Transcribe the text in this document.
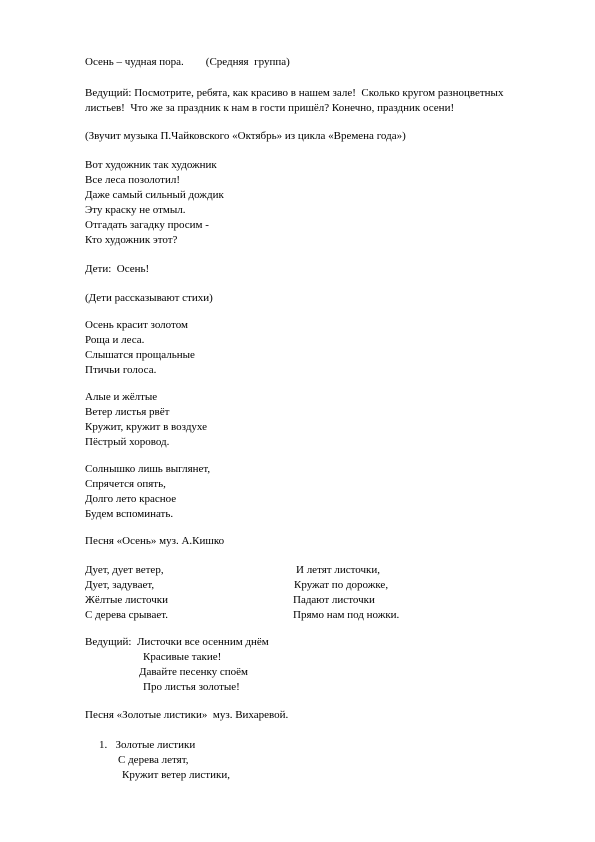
Осень – чудная пора. (Средняя  группа)
Ведущий: Посмотрите, ребята, как красиво в нашем зале!  Сколько кругом разноцветных
листьев!  Что же за праздник к нам в гости пришёл? Конечно, праздник осени!
(Звучит музыка П.Чайковского «Октябрь» из цикла «Времена года»)
Вот художник так художник
Все леса позолотил!
Даже самый сильный дождик
Эту краску не отмыл.
Отгадать загадку просим -
Кто художник этот?
Дети:  Осень!
(Дети рассказывают стихи)
Осень красит золотом
Роща и леса.
Слышатся прощальные
Птичьи голоса.
Алые и жёлтые
Ветер листья рвёт
Кружит, кружит в воздухе
Пёстрый хоровод.
Солнышко лишь выглянет,
Спрячется опять,
Долго лето красное
Будем вспоминать.
Песня «Осень» муз. А.Кишко
Дует, дует ветер,
Дует, задувает,
Жёлтые листочки
С дерева срывает.
И летят листочки,
Кружат по дорожке,
Падают листочки
Прямо нам под ножки.
Ведущий:  Листочки все осенним днём
Красивые такие!
Давайте песенку споём
Про листья золотые!
Песня «Золотые листики»  муз. Вихаревой.
1. Золотые листики
С дерева летят,
Кружит ветер листики,
